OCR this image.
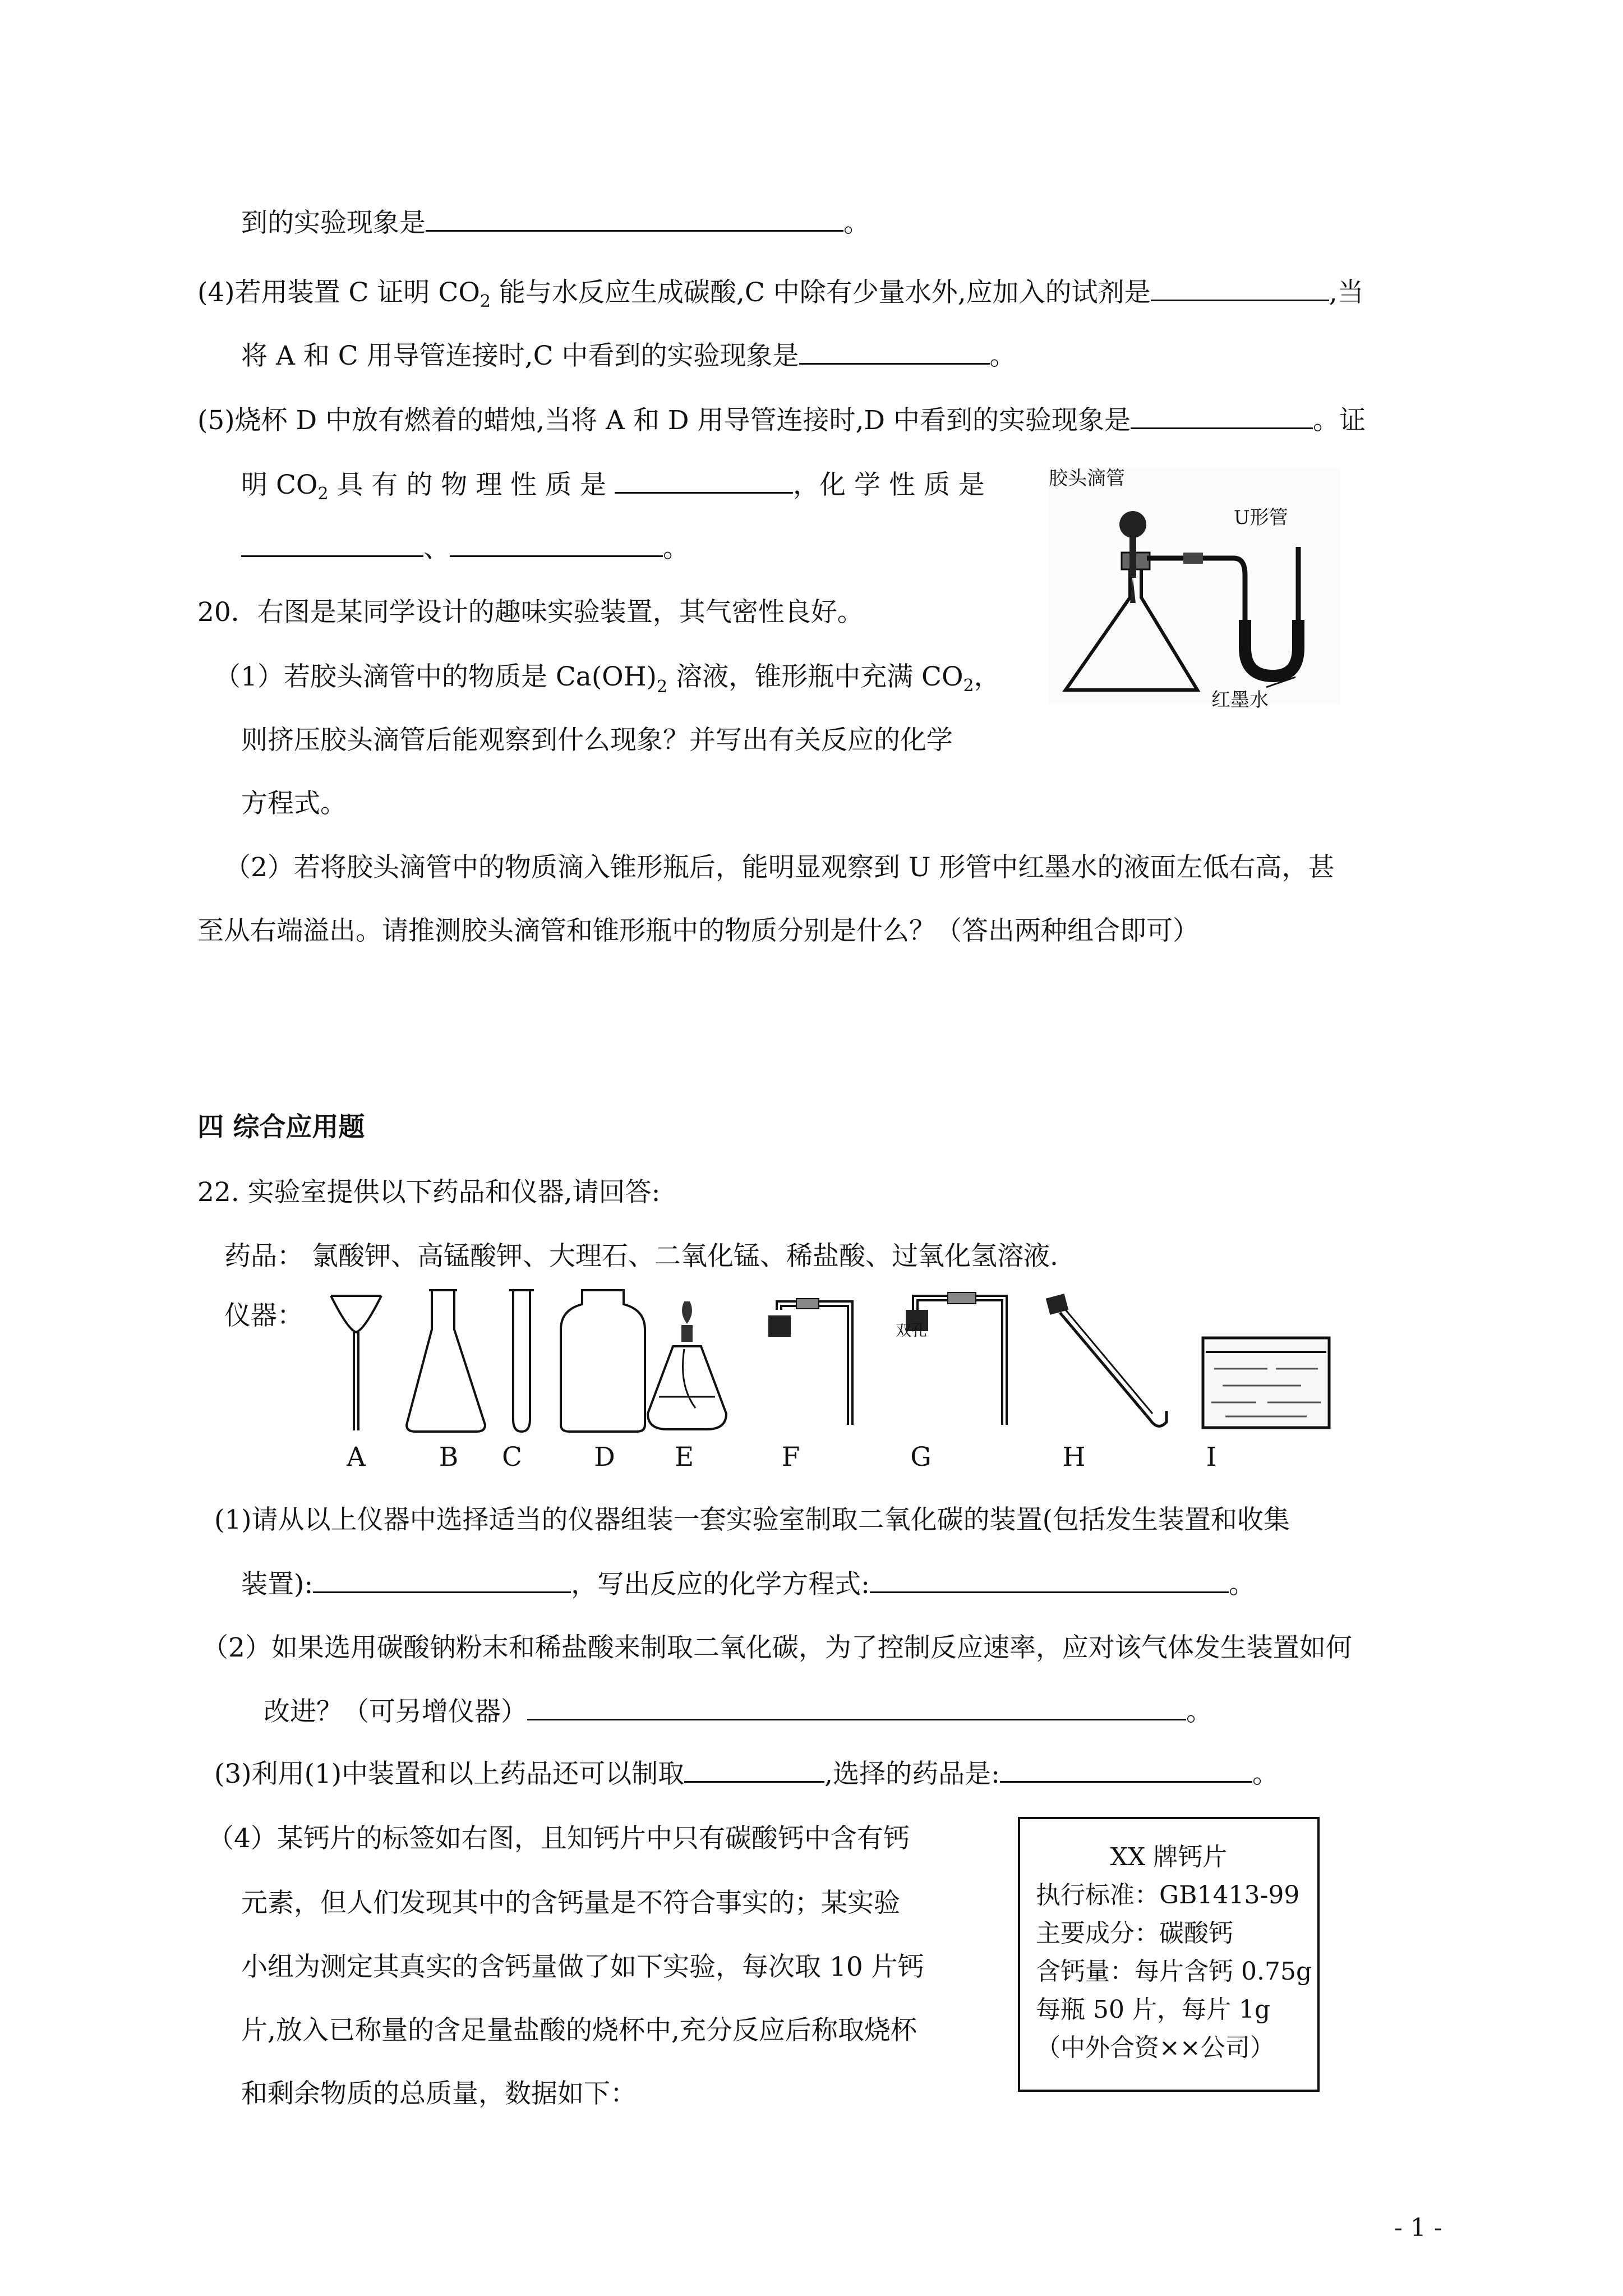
到的实验现象是	。
(4)若用装置 C 证明 $CO_2$ 能与水反应生成碳酸,C 中除有少量水外,应加入的试剂是	,当
将 A 和 C 用导管连接时,C 中看到的实验现象是	。
(5)烧杯 D 中放有燃着的蜡烛,当将 A 和 D 用导管连接时,D 中看到的实验现象是	。证
明 $CO_2$ 具 有 的 物 理 性 质 是	，化 学 性 质 是
、	。
20．右图是某同学设计的趣味实验装置，其气密性良好。
（1）若胶头滴管中的物质是 $Ca(OH)_2$ 溶液，锥形瓶中充满 $CO_2$，
则挤压胶头滴管后能观察到什么现象？并写出有关反应的化学
方程式。
（2）若将胶头滴管中的物质滴入锥形瓶后，能明显观察到 U 形管中红墨水的液面左低右高，甚
至从右端溢出。请推测胶头滴管和锥形瓶中的物质分别是什么？（答出两种组合即可）
胶头滴管
U形管
红墨水
四 综合应用题
22. 实验室提供以下药品和仪器,请回答:
药品： 氯酸钾、高锰酸钾、大理石、二氧化锰、稀盐酸、过氧化氢溶液.
仪器：	双孔
A	B C	D E	F	G	H	I
(1)请从以上仪器中选择适当的仪器组装一套实验室制取二氧化碳的装置(包括发生装置和收集
装置):	，写出反应的化学方程式:	。
（2）如果选用碳酸钠粉末和稀盐酸来制取二氧化碳，为了控制反应速率，应对该气体发生装置如何
改进？（可另增仪器）	。
(3)利用(1)中装置和以上药品还可以制取	,选择的药品是:	。
（4）某钙片的标签如右图，且知钙片中只有碳酸钙中含有钙
元素，但人们发现其中的含钙量是不符合事实的；某实验
小组为测定其真实的含钙量做了如下实验，每次取 10 片钙
片,放入已称量的含足量盐酸的烧杯中,充分反应后称取烧杯
和剩余物质的总质量，数据如下：
XX 牌钙片
执行标准：GB1413-99
主要成分：碳酸钙
含钙量：每片含钙 0.75g
每瓶 50 片，每片 1g
（中外合资××公司）
- 1 -
